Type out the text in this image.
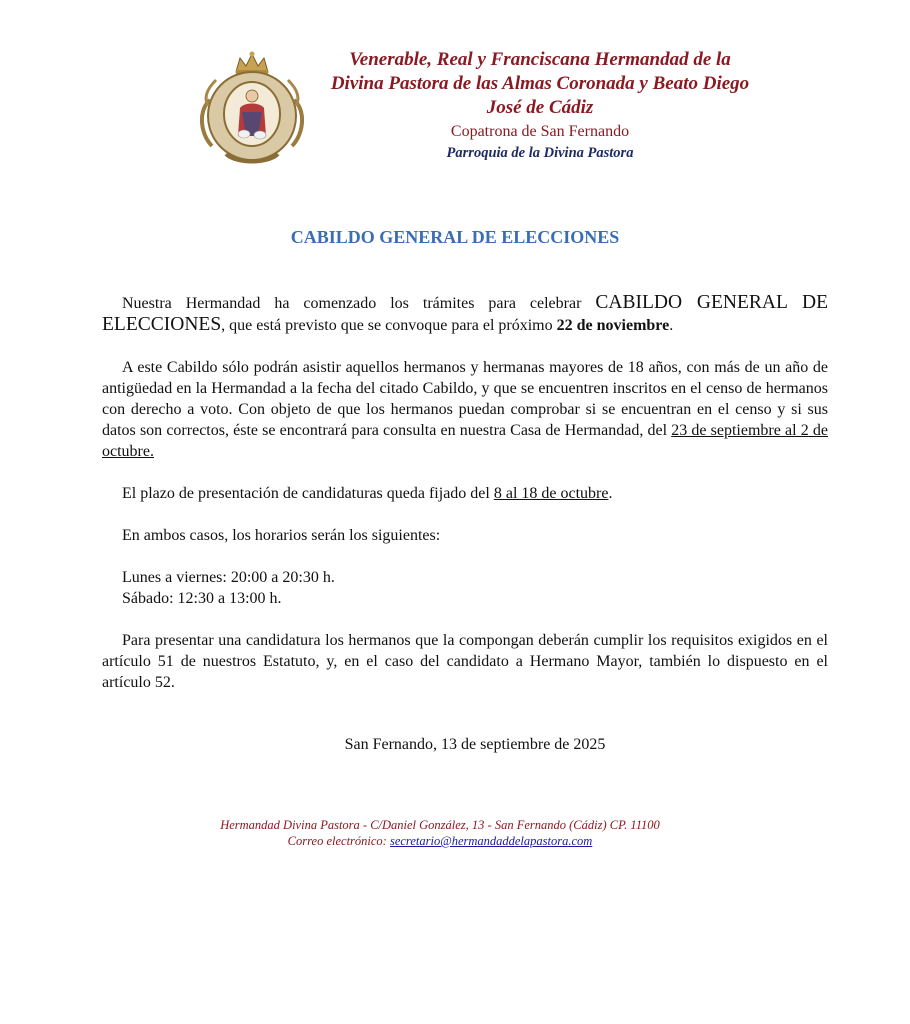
Venerable, Real y Franciscana Hermandad de la
Divina Pastora de las Almas Coronada y Beato Diego
José de Cádiz
Copatrona de San Fernando
Parroquia de la Divina Pastora
CABILDO GENERAL DE ELECCIONES

Nuestra Hermandad ha comenzado los trámites para celebrar CABILDO GENERAL DE ELECCIONES, que está previsto que se convoque para el próximo 22 de noviembre.

A este Cabildo sólo podrán asistir aquellos hermanos y hermanas mayores de 18 años, con más de un año de antigüedad en la Hermandad a la fecha del citado Cabildo, y que se encuentren inscritos en el censo de hermanos con derecho a voto. Con objeto de que los hermanos puedan comprobar si se encuentran en el censo y si sus datos son correctos, éste se encontrará para consulta en nuestra Casa de Hermandad, del 23 de septiembre al 2 de octubre.

El plazo de presentación de candidaturas queda fijado del 8 al 18 de octubre.

En ambos casos, los horarios serán los siguientes:

Lunes a viernes: 20:00 a 20:30 h.

Sábado: 12:30 a 13:00 h.

Para presentar una candidatura los hermanos que la compongan deberán cumplir los requisitos exigidos en el artículo 51 de nuestros Estatuto, y, en el caso del candidato a Hermano Mayor, también lo dispuesto en el artículo 52.

San Fernando, 13 de septiembre de 2025
Hermandad Divina Pastora - C/Daniel González, 13 - San Fernando (Cádiz) CP. 11100
Correo electrónico: secretario@hermandaddelapastora.com
